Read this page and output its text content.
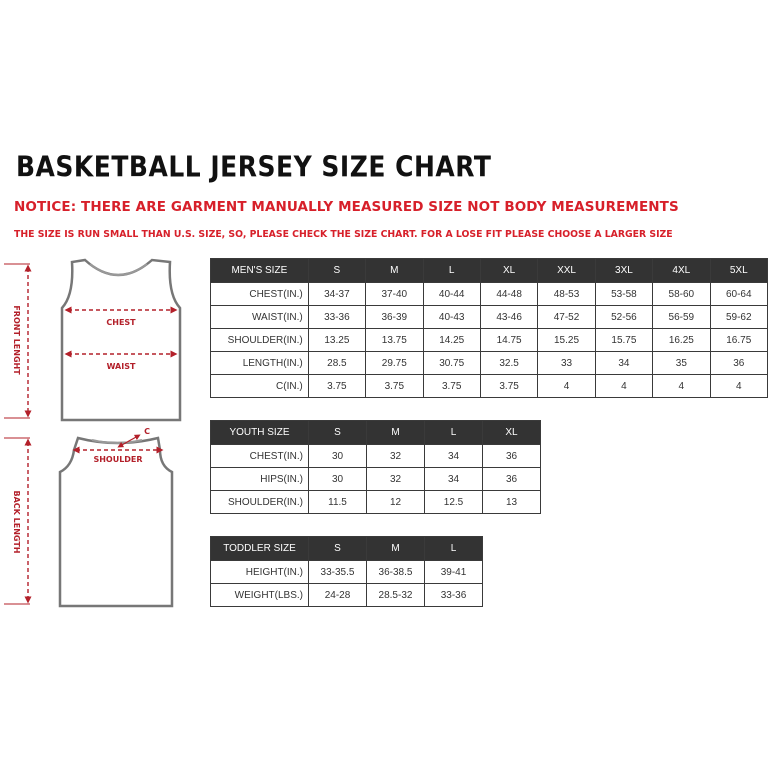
BASKETBALL JERSEY SIZE CHART
NOTICE: THERE ARE GARMENT MANUALLY MEASURED SIZE NOT BODY MEASUREMENTS
THE SIZE IS RUN SMALL THAN U.S. SIZE, SO, PLEASE CHECK THE SIZE CHART. FOR A LOSE FIT PLEASE CHOOSE A LARGER SIZE
FRONT LENGHT	CHEST
WAIST
C
SHOULDER
BACK LENGTH
MEN'S SIZE	S	M	L	XL	XXL	3XL	4XL	5XL
CHEST(IN.)	34-37	37-40	40-44	44-48	48-53	53-58	58-60	60-64
WAIST(IN.)	33-36	36-39	40-43	43-46	47-52	52-56	56-59	59-62
SHOULDER(IN.)	13.25	13.75	14.25	14.75	15.25	15.75	16.25	16.75
LENGTH(IN.)	28.5	29.75	30.75	32.5	33	34	35	36
C(IN.)	3.75	3.75	3.75	3.75	4	4	4	4
YOUTH SIZE	S	M	L	XL
CHEST(IN.)	30	32	34	36
HIPS(IN.)	30	32	34	36
SHOULDER(IN.)	11.5	12	12.5	13
TODDLER SIZE	S	M	L
HEIGHT(IN.)	33-35.5	36-38.5	39-41
WEIGHT(LBS.)	24-28	28.5-32	33-36
